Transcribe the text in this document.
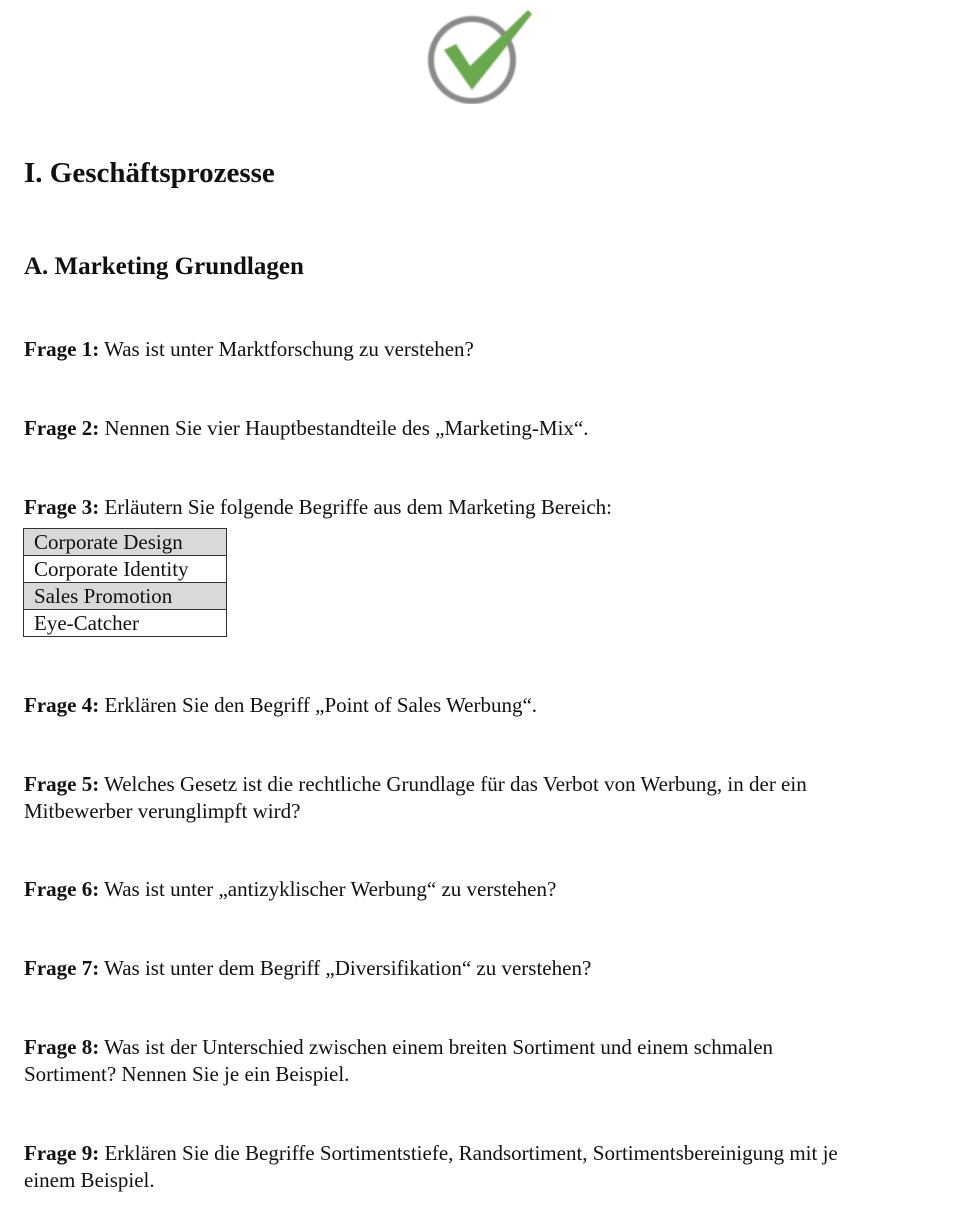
I. Geschäftsprozesse
A. Marketing Grundlagen

Frage 1: Was ist unter Marktforschung zu verstehen?

Frage 2: Nennen Sie vier Hauptbestandteile des „Marketing-Mix“.

Frage 3: Erläutern Sie folgende Begriffe aus dem Marketing Bereich:

Corporate Design
Corporate Identity
Sales Promotion
Eye-Catcher

Frage 4: Erklären Sie den Begriff „Point of Sales Werbung“.

Frage 5: Welches Gesetz ist die rechtliche Grundlage für das Verbot von Werbung, in der ein Mitbewerber verunglimpft wird?

Frage 6: Was ist unter „antizyklischer Werbung“ zu verstehen?

Frage 7: Was ist unter dem Begriff „Diversifikation“ zu verstehen?

Frage 8: Was ist der Unterschied zwischen einem breiten Sortiment und einem schmalen Sortiment? Nennen Sie je ein Beispiel.

Frage 9: Erklären Sie die Begriffe Sortimentstiefe, Randsortiment, Sortimentsbereinigung mit je einem Beispiel.
